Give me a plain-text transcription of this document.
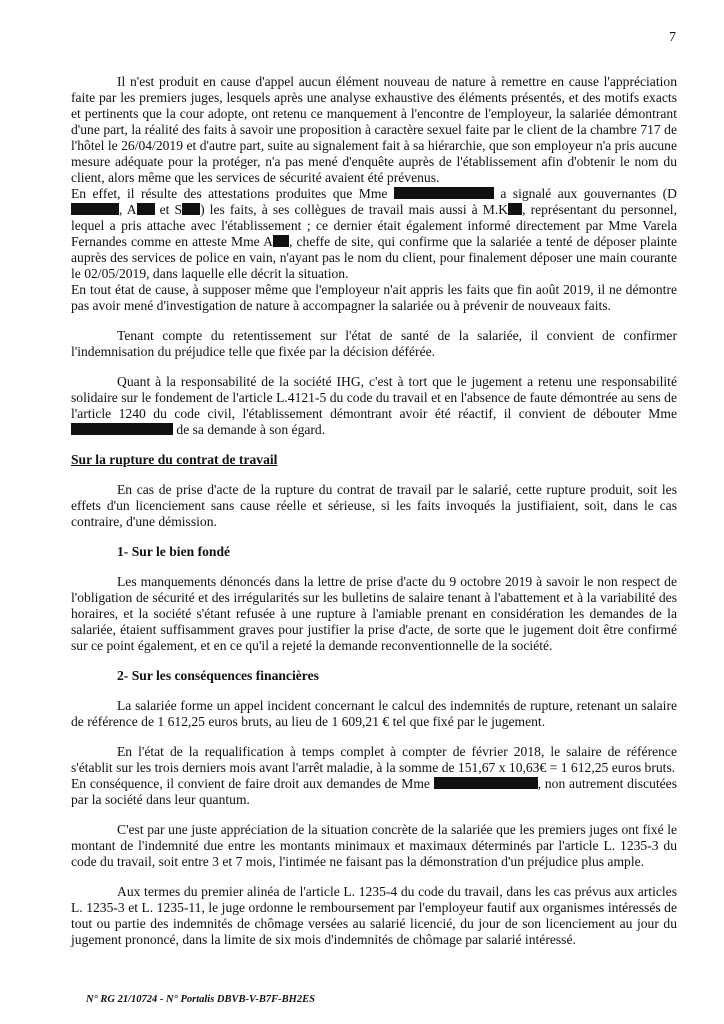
7

Il n'est produit en cause d'appel aucun élément nouveau de nature à remettre en cause l'appréciation faite par les premiers juges, lesquels après une analyse exhaustive des éléments présentés, et des motifs exacts et pertinents que la cour adopte, ont retenu ce manquement à l'encontre de l'employeur, la salariée démontrant d'une part, la réalité des faits à savoir une proposition à caractère sexuel faite par le client de la chambre 717 de l'hôtel le 26/04/2019 et d'autre part, suite au signalement fait à sa hiérarchie, que son employeur n'a pris aucune mesure adéquate pour la protéger, n'a pas mené d'enquête auprès de l'établissement afin d'obtenir le nom du client, alors même que les services de sécurité avaient été prévenus.

En effet, il résulte des attestations produites que Mme	a signalé aux gouvernantes (D, A et S ) les faits, à ses collègues de travail mais aussi à M.K , représentant du personnel, lequel a pris attache avec l'établissement ; ce dernier était également informé directement par Mme Varela Fernandes comme en atteste Mme A , cheffe de site, qui confirme que la salariée a tenté de déposer plainte auprès des services de police en vain, n'ayant pas le nom du client, pour finalement déposer une main courante le 02/05/2019, dans laquelle elle décrit la situation.

En tout état de cause, à supposer même que l'employeur n'ait appris les faits que fin août 2019, il ne démontre pas avoir mené d'investigation de nature à accompagner la salariée ou à prévenir de nouveaux faits.

Tenant compte du retentissement sur l'état de santé de la salariée, il convient de confirmer l'indemnisation du préjudice telle que fixée par la décision déférée.

Quant à la responsabilité de la société IHG, c'est à tort que le jugement a retenu une responsabilité solidaire sur le fondement de l'article L.4121-5 du code du travail et en l'absence de faute démontrée au sens de l'article 1240 du code civil, l'établissement démontrant avoir été réactif, il convient de débouter Mme  de sa demande à son égard.

Sur la rupture du contrat de travail

En cas de prise d'acte de la rupture du contrat de travail par le salarié, cette rupture produit, soit les effets d'un licenciement sans cause réelle et sérieuse, si les faits invoqués la justifiaient, soit, dans le cas contraire, d'une démission.

1- Sur le bien fondé

Les manquements dénoncés dans la lettre de prise d'acte du 9 octobre 2019 à savoir le non respect de l'obligation de sécurité et des irrégularités sur les bulletins de salaire tenant à l'abattement et à la variabilité des horaires, et la société s'étant refusée à une rupture à l'amiable prenant en considération les demandes de la salariée, étaient suffisamment graves pour justifier la prise d'acte, de sorte que le jugement doit être confirmé sur ce point également, et en ce qu'il a rejeté la demande reconventionnelle de la société.

2- Sur les conséquences financières

La salariée forme un appel incident concernant le calcul des indemnités de rupture, retenant un salaire de référence de 1 612,25 euros bruts, au lieu de 1 609,21 € tel que fixé par le jugement.

En l'état de la requalification à temps complet à compter de février 2018, le salaire de référence s'établit sur les trois derniers mois avant l'arrêt maladie, à la somme de 151,67 x 10,63€ = 1 612,25 euros bruts.

En conséquence, il convient de faire droit aux demandes de Mme	, non autrement discutées par la société dans leur quantum.

C'est par une juste appréciation de la situation concrète de la salariée que les premiers juges ont fixé le montant de l'indemnité due entre les montants minimaux et maximaux déterminés par l'article L. 1235-3 du code du travail, soit entre 3 et 7 mois, l'intimée ne faisant pas la démonstration d'un préjudice plus ample.

Aux termes du premier alinéa de l'article L. 1235-4 du code du travail, dans les cas prévus aux articles L. 1235-3 et L. 1235-11, le juge ordonne le remboursement par l'employeur fautif aux organismes intéressés de tout ou partie des indemnités de chômage versées au salarié licencié, du jour de son licenciement au jour du jugement prononcé, dans la limite de six mois d'indemnités de chômage par salarié intéressé.

N° RG 21/10724 - N° Portalis DBVB-V-B7F-BH2ES
